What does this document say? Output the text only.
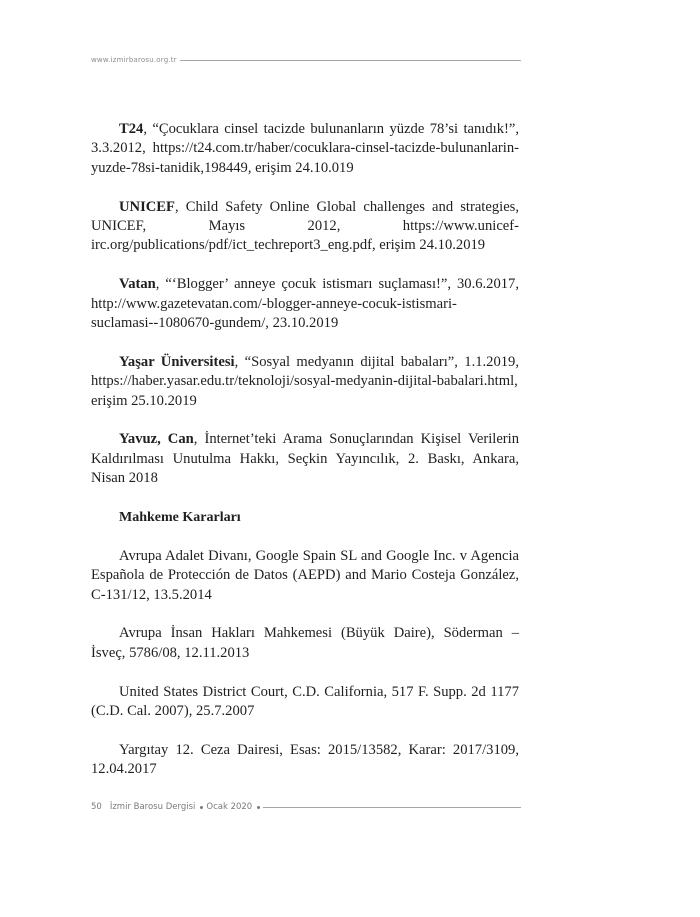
www.izmirbarosu.org.tr

T24, “Çocuklara cinsel tacizde bulunanların yüzde 78’si tanıdık!”, 3.3.2012, https://t24.com.tr/haber/cocuklara-cinsel-tacizde-bulunanlarin-yuzde-78si-tanidik,198449, erişim 24.10.019

UNICEF, Child Safety Online Global challenges and strategies, UNICEF, Mayıs 2012, https://www.unicef-irc.org/publications/pdf/ict_techreport3_eng.pdf, erişim 24.10.2019

Vatan, “‘Blogger’ anneye çocuk istismarı suçlaması!”, 30.6.2017, http://www.gazetevatan.com/-blogger-anneye-cocuk-istismari-suclamasi--1080670-gundem/, 23.10.2019

Yaşar Üniversitesi, “Sosyal medyanın dijital babaları”, 1.1.2019, https://haber.yasar.edu.tr/teknoloji/sosyal-medyanin-dijital-babalari.html, erişim 25.10.2019

Yavuz, Can, İnternet’teki Arama Sonuçlarından Kişisel Verilerin Kaldırılması Unutulma Hakkı, Seçkin Yayıncılık, 2. Baskı, Ankara, Nisan 2018

Mahkeme Kararları

Avrupa Adalet Divanı, Google Spain SL and Google Inc. v Agencia Española de Protección de Datos (AEPD) and Mario Costeja González, C-131/12, 13.5.2014

Avrupa İnsan Hakları Mahkemesi (Büyük Daire), Söderman – İsveç, 5786/08, 12.11.2013

United States District Court, C.D. California, 517 F. Supp. 2d 1177 (C.D. Cal. 2007), 25.7.2007

Yargıtay 12. Ceza Dairesi, Esas: 2015/13582, Karar: 2017/3109, 12.04.2017

50 İzmir Barosu Dergisi Ocak 2020
